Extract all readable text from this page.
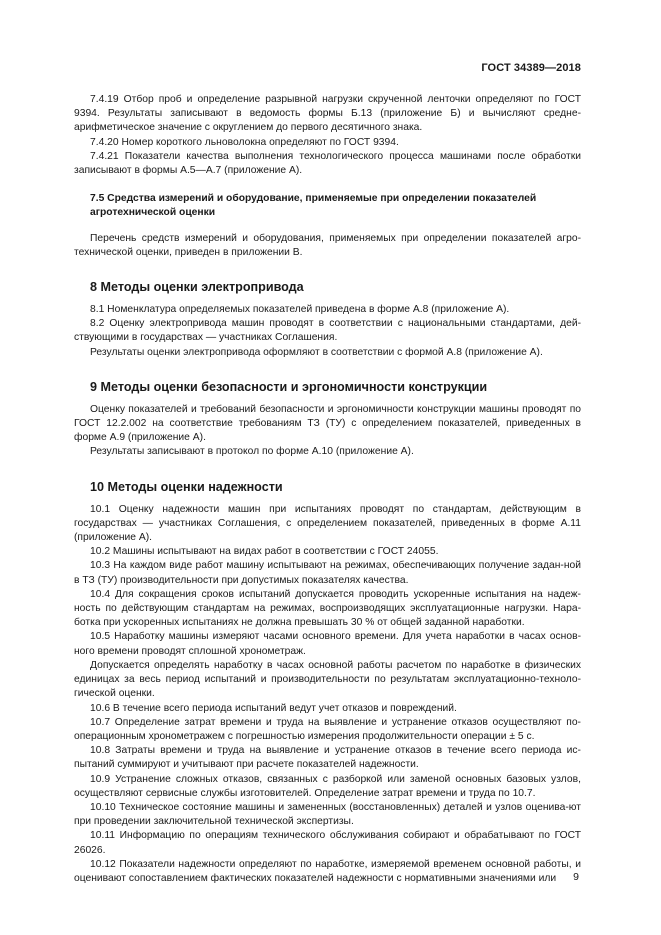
ГОСТ 34389—2018

7.4.19 Отбор проб и определение разрывной нагрузки скрученной ленточки определяют по ГОСТ 9394. Результаты записывают в ведомость формы Б.13 (приложение Б) и вычисляют средне-арифметическое значение с округлением до первого десятичного знака.

7.4.20 Номер короткого льноволокна определяют по ГОСТ 9394.

7.4.21 Показатели качества выполнения технологического процесса машинами после обработки записывают в формы А.5—А.7 (приложение А).

7.5 Средства измерений и оборудование, применяемые при определении показателей агротехнической оценки

Перечень средств измерений и оборудования, применяемых при определении показателей агро-технической оценки, приведен в приложении В.

8 Методы оценки электропривода

8.1 Номенклатура определяемых показателей приведена в форме А.8 (приложение А).

8.2 Оценку электропривода машин проводят в соответствии с национальными стандартами, дей-ствующими в государствах — участниках Соглашения.

Результаты оценки электропривода оформляют в соответствии с формой А.8 (приложение А).

9 Методы оценки безопасности и эргономичности конструкции

Оценку показателей и требований безопасности и эргономичности конструкции машины проводят по ГОСТ 12.2.002 на соответствие требованиям ТЗ (ТУ) с определением показателей, приведенных в форме А.9 (приложение А).

Результаты записывают в протокол по форме А.10 (приложение А).

10 Методы оценки надежности

10.1 Оценку надежности машин при испытаниях проводят по стандартам, действующим в государствах — участниках Соглашения, с определением показателей, приведенных в форме А.11 (приложение А).

10.2 Машины испытывают на видах работ в соответствии с ГОСТ 24055.

10.3 На каждом виде работ машину испытывают на режимах, обеспечивающих получение задан-ной в ТЗ (ТУ) производительности при допустимых показателях качества.

10.4 Для сокращения сроков испытаний допускается проводить ускоренные испытания на надеж-ность по действующим стандартам на режимах, воспроизводящих эксплуатационные нагрузки. Нара-ботка при ускоренных испытаниях не должна превышать 30 % от общей заданной наработки.

10.5 Наработку машины измеряют часами основного времени. Для учета наработки в часах основ-ного времени проводят сплошной хронометраж.

Допускается определять наработку в часах основной работы расчетом по наработке в физических единицах за весь период испытаний и производительности по результатам эксплуатационно-техноло-гической оценки.

10.6 В течение всего периода испытаний ведут учет отказов и повреждений.

10.7 Определение затрат времени и труда на выявление и устранение отказов осуществляют по-операционным хронометражем с погрешностью измерения продолжительности операции ± 5 с.

10.8 Затраты времени и труда на выявление и устранение отказов в течение всего периода ис-пытаний суммируют и учитывают при расчете показателей надежности.

10.9 Устранение сложных отказов, связанных с разборкой или заменой основных базовых узлов, осуществляют сервисные службы изготовителей. Определение затрат времени и труда по 10.7.

10.10 Техническое состояние машины и замененных (восстановленных) деталей и узлов оценива-ют при проведении заключительной технической экспертизы.

10.11 Информацию по операциям технического обслуживания собирают и обрабатывают по ГОСТ 26026.

10.12 Показатели надежности определяют по наработке, измеряемой временем основной работы, и оценивают сопоставлением фактических показателей надежности с нормативными значениями или	9
